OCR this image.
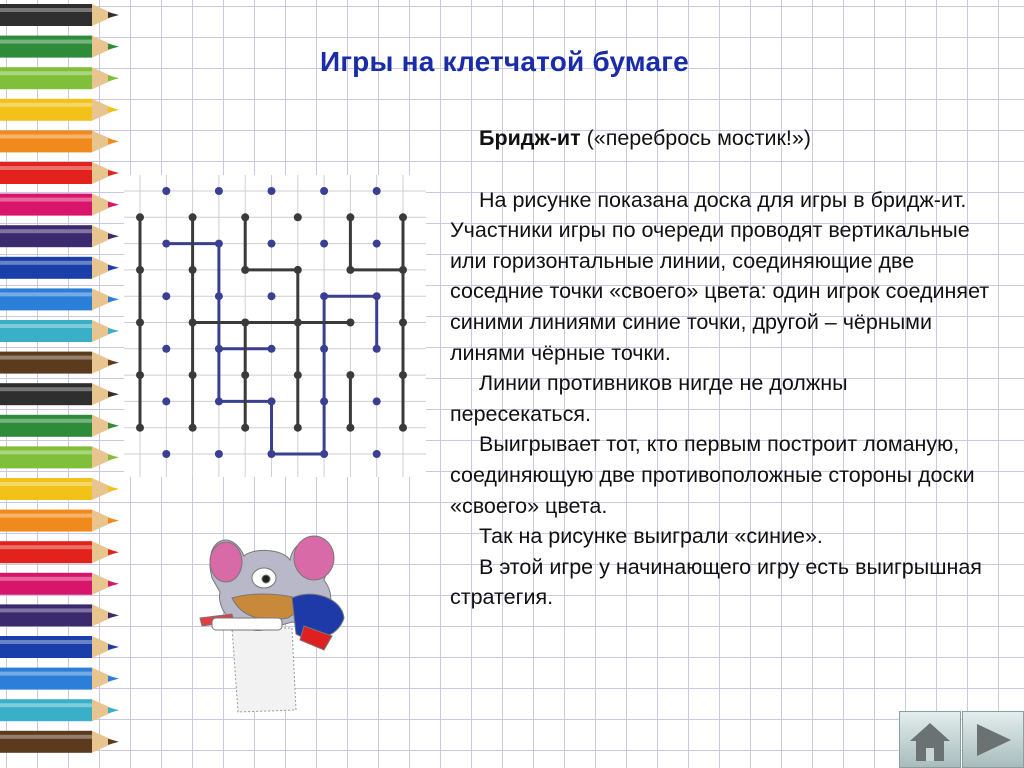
Игры на клетчатой бумаге

Бридж-ит («переброcь мостик!»)

На рисунке показана доска для игры в бридж-ит. Участники игры по очереди проводят вертикальные или горизонтальные линии, соединяющие две соседние точки «своего» цвета: один игрок соединяет синими линиями синие точки, другой – чёрными линями чёрные точки.

Линии противников нигде не должны пересекаться.

Выигрывает тот, кто первым построит ломаную, соединяющую две противоположные стороны доски «своего» цвета.

Так на рисунке выиграли «синие».

В этой игре у начинающего игру есть выигрышная стратегия.
